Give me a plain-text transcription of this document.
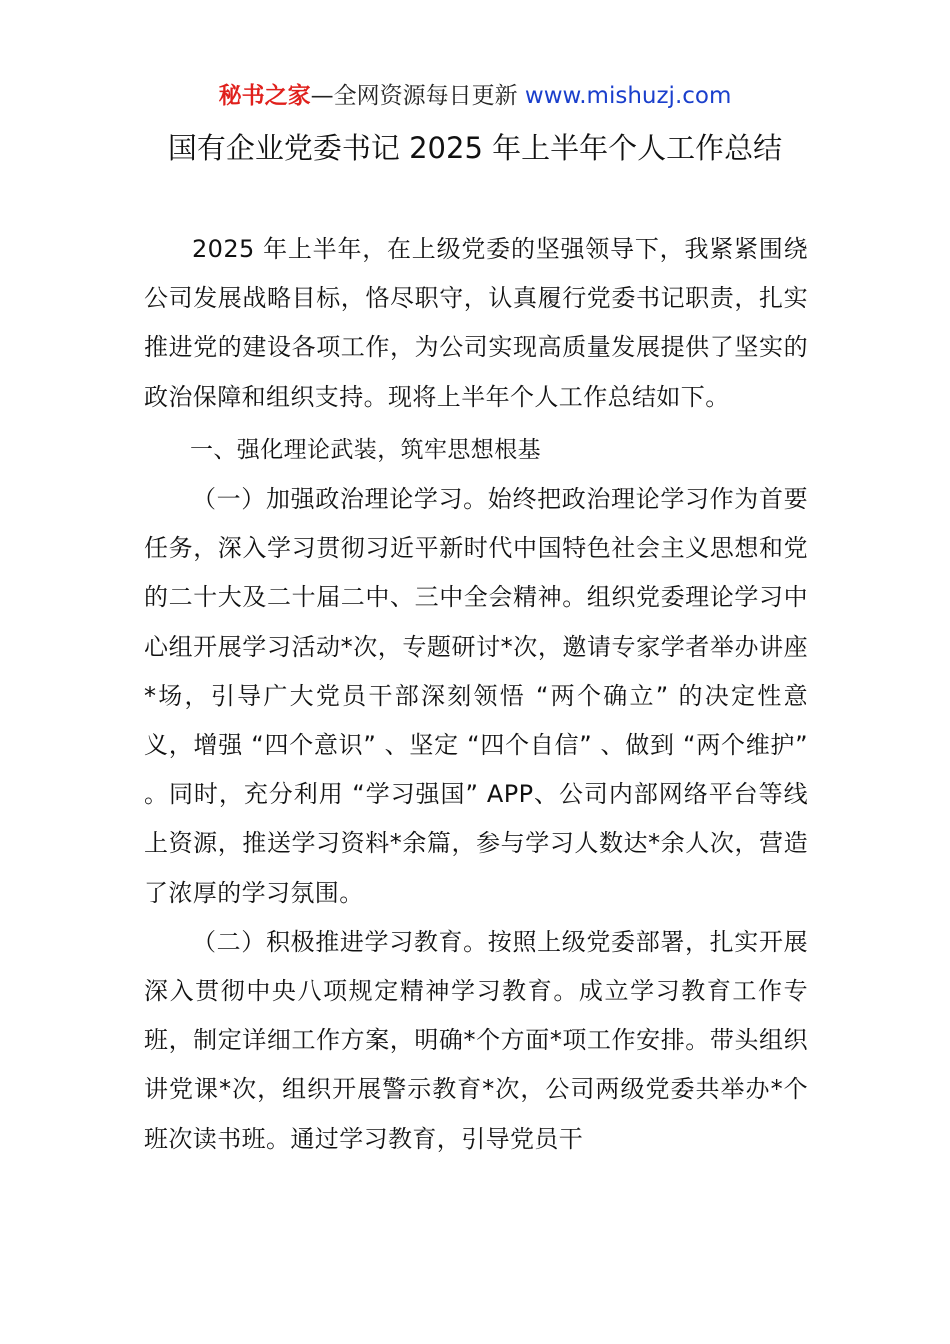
秘书之家—全网资源每日更新 www.mishuzj.com
国有企业党委书记 2025 年上半年个人工作总结

2025 年上半年，在上级党委的坚强领导下，我紧紧围绕公司发展战略目标，恪尽职守，认真履行党委书记职责，扎实推进党的建设各项工作，为公司实现高质量发展提供了坚实的政治保障和组织支持。现将上半年个人工作总结如下。

一、强化理论武装，筑牢思想根基

（一）加强政治理论学习。始终把政治理论学习作为首要任务，深入学习贯彻习近平新时代中国特色社会主义思想和党的二十大及二十届二中、三中全会精神。组织党委理论学习中心组开展学习活动*次，专题研讨*次，邀请专家学者举办讲座*场，引导广大党员干部深刻领悟 “两个确立” 的决定性意义，增强 “四个意识” 、坚定 “四个自信” 、做到 “两个维护” 。同时，充分利用 “学习强国” APP、公司内部网络平台等线上资源，推送学习资料*余篇，参与学习人数达*余人次，营造了浓厚的学习氛围。

（二）积极推进学习教育。按照上级党委部署，扎实开展深入贯彻中央八项规定精神学习教育。成立学习教育工作专班，制定详细工作方案，明确*个方面*项工作安排。带头组织讲党课*次，组织开展警示教育*次，公司两级党委共举办*个班次读书班。通过学习教育，引导党员干
